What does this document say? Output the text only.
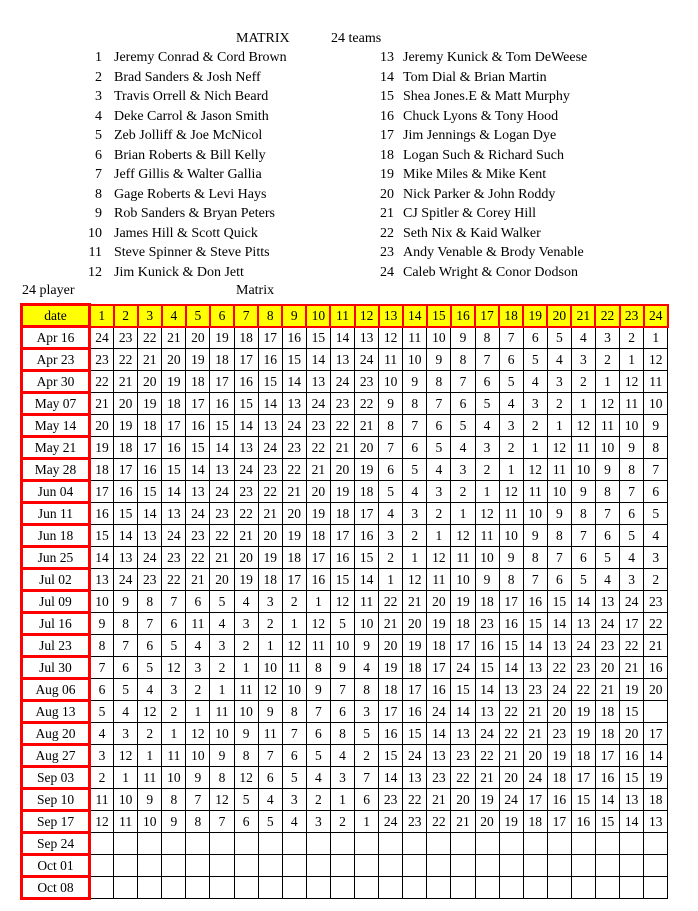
MATRIX	24 teams
1 Jeremy Conrad & Cord Brown
2 Brad Sanders & Josh Neff
3 Travis Orrell & Nich Beard
4 Deke Carrol & Jason Smith
5 Zeb Jolliff & Joe McNicol
6 Brian Roberts & Bill Kelly
7 Jeff Gillis & Walter Gallia
8 Gage Roberts & Levi Hays
9 Rob Sanders & Bryan Peters
10 James Hill & Scott Quick
11 Steve Spinner & Steve Pitts
12 Jim Kunick & Don Jett
13 Jeremy Kunick & Tom DeWeese
14 Tom Dial & Brian Martin
15 Shea Jones.E & Matt Murphy
16 Chuck Lyons & Tony Hood
17 Jim Jennings & Logan Dye
18 Logan Such & Richard Such
19 Mike Miles & Mike Kent
20 Nick Parker & John Roddy
21 CJ Spitler & Corey Hill
22 Seth Nix & Kaid Walker
23 Andy Venable & Brody Venable
24 Caleb Wright & Conor Dodson
24 player	Matrix
date	1	2	3	4	5	6	7	8	9	10	11	12	13	14	15	16	17	18	19	20	21	22	23	24
Apr 16	24	23	22	21	20	19	18	17	16	15	14	13	12	11	10	9	8	7	6	5	4	3	2	1
Apr 23	23	22	21	20	19	18	17	16	15	14	13	24	11	10	9	8	7	6	5	4	3	2	1	12
Apr 30	22	21	20	19	18	17	16	15	14	13	24	23	10	9	8	7	6	5	4	3	2	1	12	11
May 07	21	20	19	18	17	16	15	14	13	24	23	22	9	8	7	6	5	4	3	2	1	12	11	10
May 14	20	19	18	17	16	15	14	13	24	23	22	21	8	7	6	5	4	3	2	1	12	11	10	9
May 21	19	18	17	16	15	14	13	24	23	22	21	20	7	6	5	4	3	2	1	12	11	10	9	8
May 28	18	17	16	15	14	13	24	23	22	21	20	19	6	5	4	3	2	1	12	11	10	9	8	7
Jun 04	17	16	15	14	13	24	23	22	21	20	19	18	5	4	3	2	1	12	11	10	9	8	7	6
Jun 11	16	15	14	13	24	23	22	21	20	19	18	17	4	3	2	1	12	11	10	9	8	7	6	5
Jun 18	15	14	13	24	23	22	21	20	19	18	17	16	3	2	1	12	11	10	9	8	7	6	5	4
Jun 25	14	13	24	23	22	21	20	19	18	17	16	15	2	1	12	11	10	9	8	7	6	5	4	3
Jul 02	13	24	23	22	21	20	19	18	17	16	15	14	1	12	11	10	9	8	7	6	5	4	3	2
Jul 09	10	9	8	7	6	5	4	3	2	1	12	11	22	21	20	19	18	17	16	15	14	13	24	23
Jul 16	9	8	7	6	11	4	3	2	1	12	5	10	21	20	19	18	23	16	15	14	13	24	17	22
Jul 23	8	7	6	5	4	3	2	1	12	11	10	9	20	19	18	17	16	15	14	13	24	23	22	21
Jul 30	7	6	5	12	3	2	1	10	11	8	9	4	19	18	17	24	15	14	13	22	23	20	21	16
Aug 06	6	5	4	3	2	1	11	12	10	9	7	8	18	17	16	15	14	13	23	24	22	21	19	20
Aug 13	5	4	12	2	1	11	10	9	8	7	6	3	17	16	24	14	13	22	21	20	19	18	15	
Aug 20	4	3	2	1	12	10	9	11	7	6	8	5	16	15	14	13	24	22	21	23	19	18	20	17
Aug 27	3	12	1	11	10	9	8	7	6	5	4	2	15	24	13	23	22	21	20	19	18	17	16	14
Sep 03	2	1	11	10	9	8	12	6	5	4	3	7	14	13	23	22	21	20	24	18	17	16	15	19
Sep 10	11	10	9	8	7	12	5	4	3	2	1	6	23	22	21	20	19	24	17	16	15	14	13	18
Sep 17	12	11	10	9	8	7	6	5	4	3	2	1	24	23	22	21	20	19	18	17	16	15	14	13
Sep 24																								
Oct 01																								
Oct 08																								
